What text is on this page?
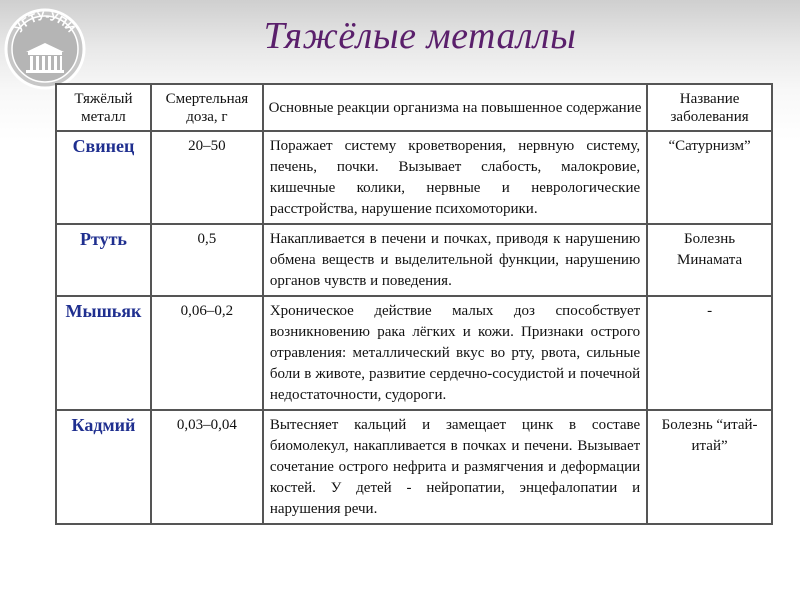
УГТУ-УПИ	Тяжёлые металлы
Тяжёлый металл	Смертельная доза, г	Основные реакции организма на повышенное содержание	Название заболевания
Свинец	20–50	Поражает систему кроветворения, нервную систему, печень, почки. Вызывает слабость, малокровие, кишечные колики, нервные и неврологические расстройства, нарушение психомоторики.	“Сатурнизм”
Ртуть	0,5	Накапливается в печени и почках, приводя к нарушению обмена веществ и выделительной функции, нарушению органов чувств и поведения.	Болезнь Минамата
Мышьяк	0,06–0,2	Хроническое действие малых доз способствует возникновению рака лёгких и кожи. Признаки острого отравления: металлический вкус во рту, рвота, сильные боли в животе, развитие сердечно-сосудистой и почечной недостаточности, судороги.	-
Кадмий	0,03–0,04	Вытесняет кальций и замещает цинк в составе биомолекул, накапливается в почках и печени. Вызывает сочетание острого нефрита и размягчения и деформации костей. У детей - нейропатии, энцефалопатии и нарушения речи.	Болезнь “итай-итай”
